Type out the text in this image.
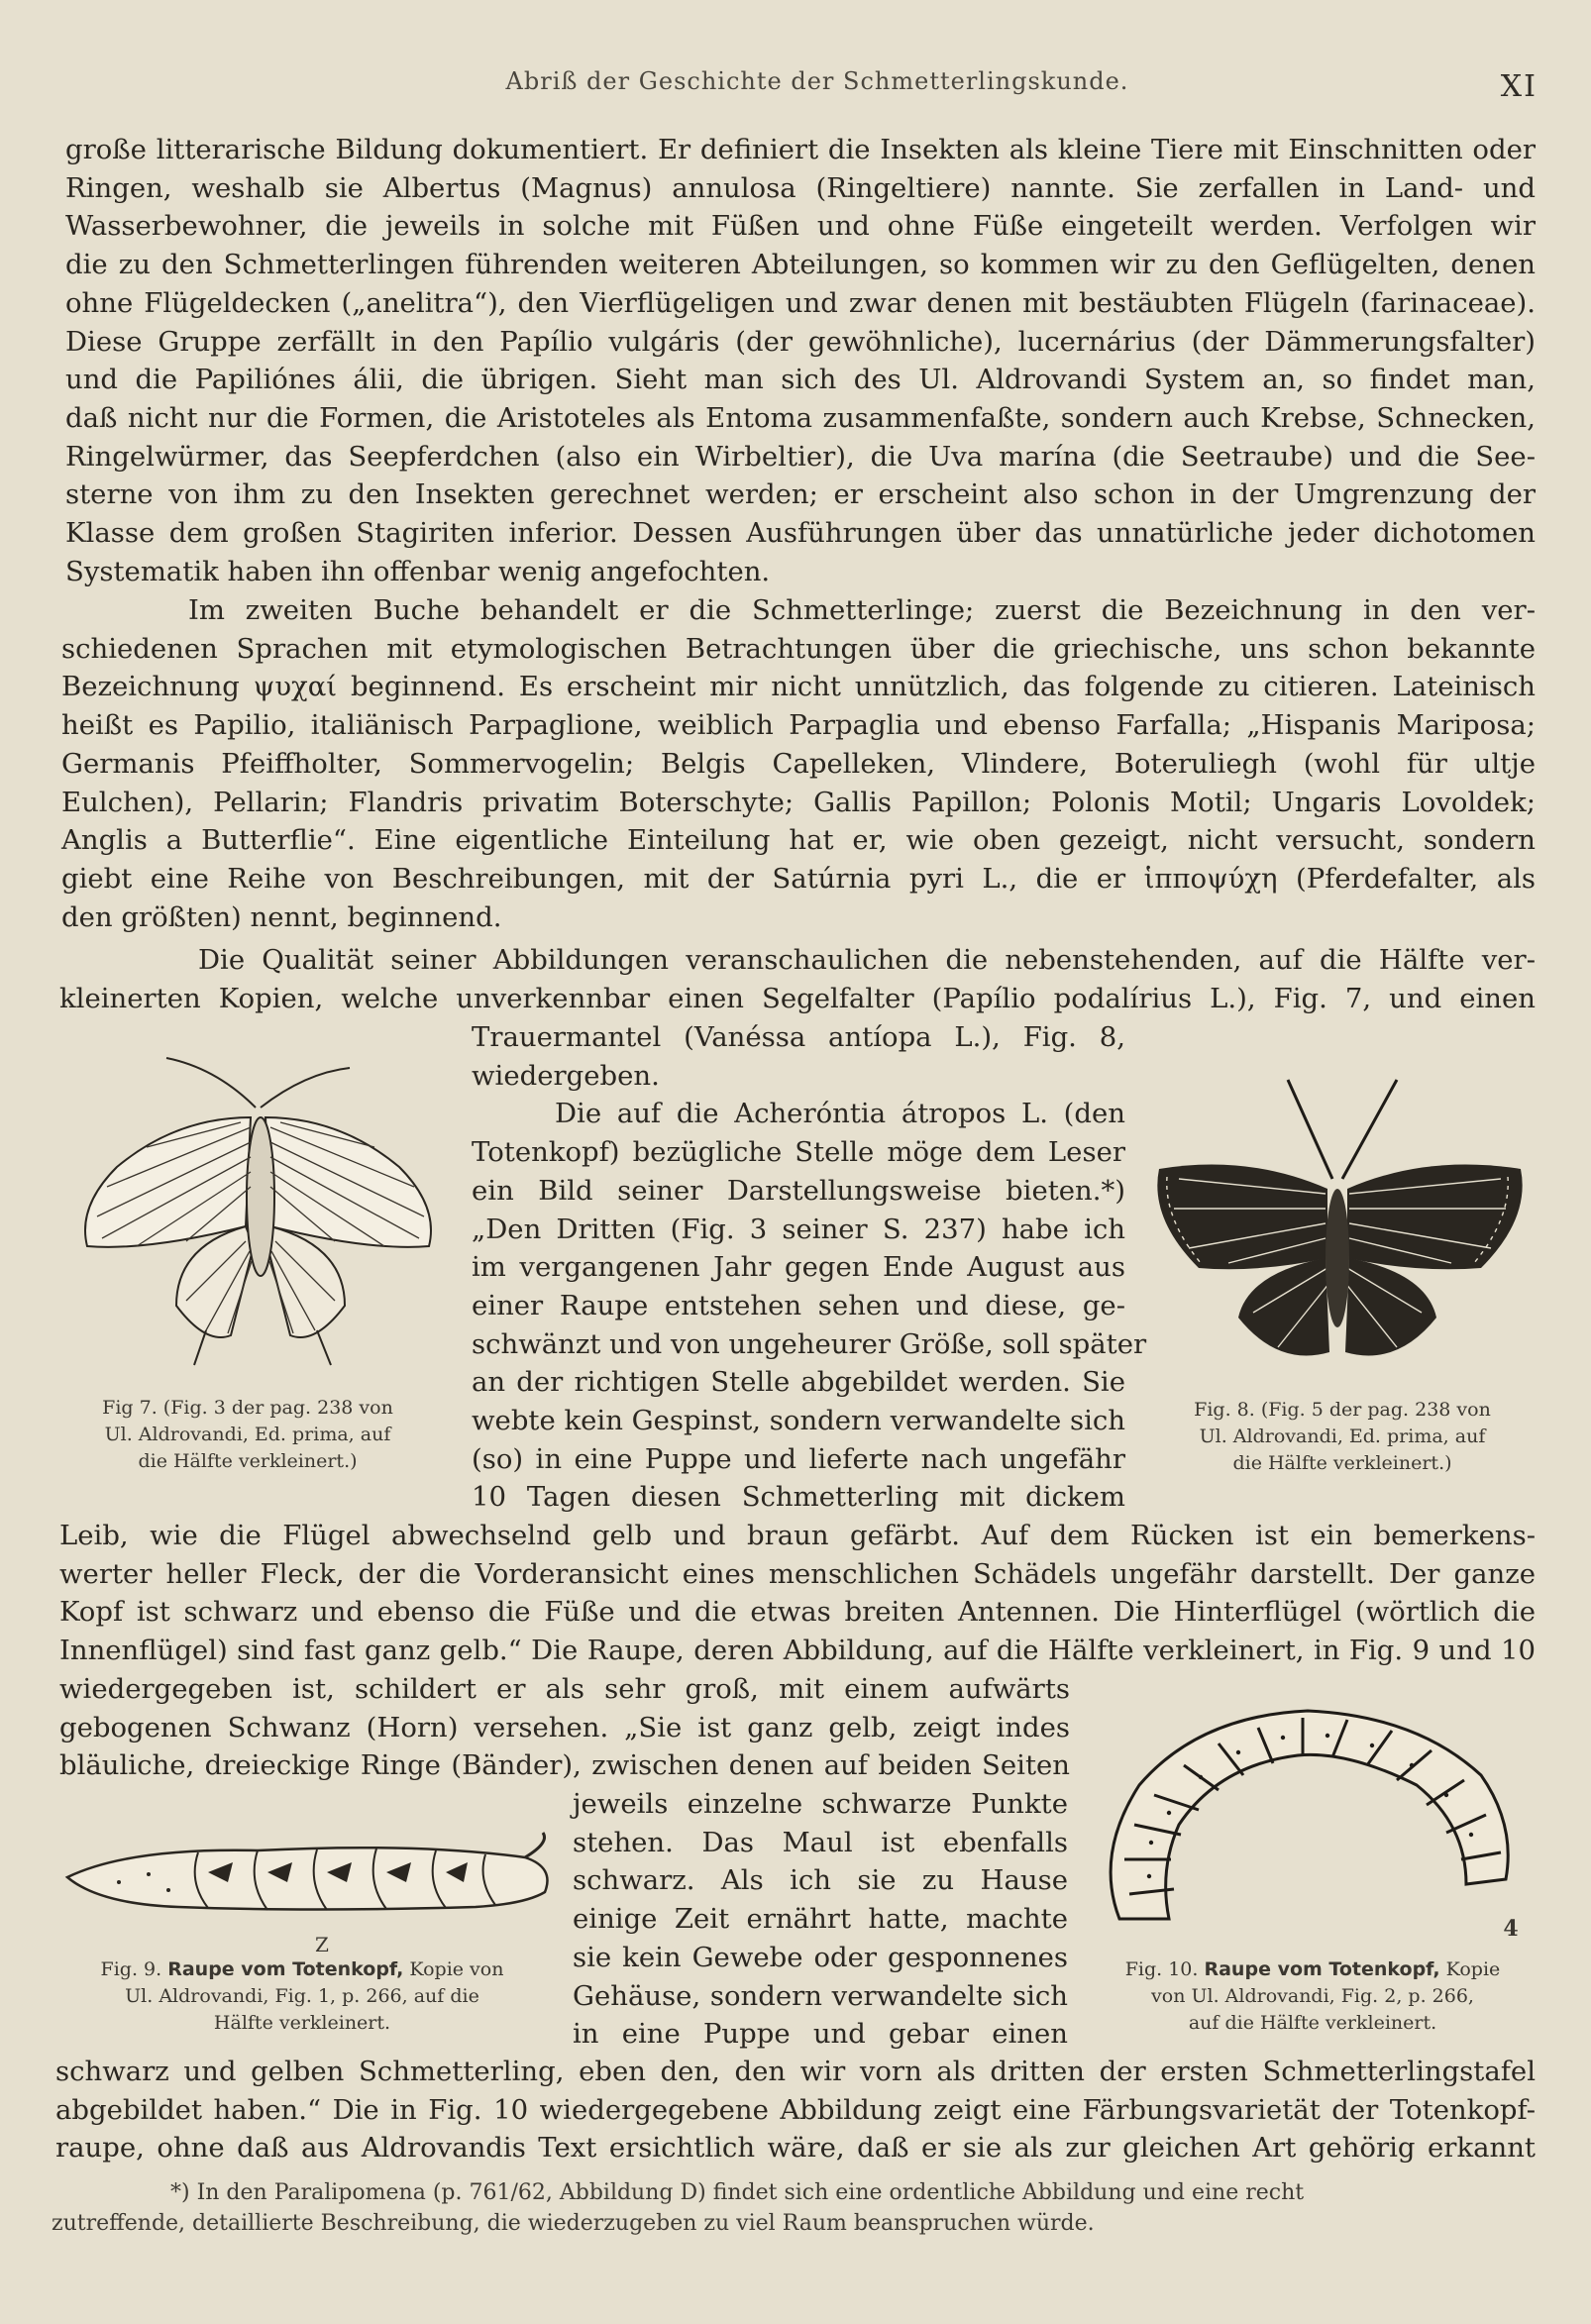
Abriß der Geschichte der Schmetterlingskunde.	XI
große litterarische Bildung dokumentiert. Er definiert die Insekten als kleine Tiere mit Einschnitten oder
Ringen, weshalb sie Albertus (Magnus) annulosa (Ringeltiere) nannte. Sie zerfallen in Land- und
Wasserbewohner, die jeweils in solche mit Füßen und ohne Füße eingeteilt werden. Verfolgen wir
die zu den Schmetterlingen führenden weiteren Abteilungen, so kommen wir zu den Geflügelten, denen
ohne Flügeldecken („anelitra“), den Vierflügeligen und zwar denen mit bestäubten Flügeln (farinaceae).
Diese Gruppe zerfällt in den Papílio vulgáris (der gewöhnliche), lucernárius (der Dämmerungsfalter)
und die Papiliónes álii, die übrigen. Sieht man sich des Ul. Aldrovandi System an, so findet man,
daß nicht nur die Formen, die Aristoteles als Entoma zusammenfaßte, sondern auch Krebse, Schnecken,
Ringelwürmer, das Seepferdchen (also ein Wirbeltier), die Uva marína (die Seetraube) und die See-
sterne von ihm zu den Insekten gerechnet werden; er erscheint also schon in der Umgrenzung der
Klasse dem großen Stagiriten inferior. Dessen Ausführungen über das unnatürliche jeder dichotomen
Systematik haben ihn offenbar wenig angefochten.
Im zweiten Buche behandelt er die Schmetterlinge; zuerst die Bezeichnung in den ver-
schiedenen Sprachen mit etymologischen Betrachtungen über die griechische, uns schon bekannte
Bezeichnung ψυχαί beginnend. Es erscheint mir nicht unnützlich, das folgende zu citieren. Lateinisch
heißt es Papilio, italiänisch Parpaglione, weiblich Parpaglia und ebenso Farfalla; „Hispanis Mariposa;
Germanis Pfeiffholter, Sommervogelin; Belgis Capelleken, Vlindere, Boteruliegh (wohl für ultje
Eulchen), Pellarin; Flandris privatim Boterschyte; Gallis Papillon; Polonis Motil; Ungaris Lovoldek;
Anglis a Butterflie“. Eine eigentliche Einteilung hat er, wie oben gezeigt, nicht versucht, sondern
giebt eine Reihe von Beschreibungen, mit der Satúrnia pyri L., die er ἱπποψύχη (Pferdefalter, als
den größten) nennt, beginnend.
Die Qualität seiner Abbildungen veranschaulichen die nebenstehenden, auf die Hälfte ver-
kleinerten Kopien, welche unverkennbar einen Segelfalter (Papílio podalírius L.), Fig. 7, und einen
Trauermantel (Vanéssa antíopa L.), Fig. 8,
wiedergeben.
Die auf die Acheróntia átropos L. (den
Totenkopf) bezügliche Stelle möge dem Leser
ein Bild seiner Darstellungsweise bieten.*)
„Den Dritten (Fig. 3 seiner S. 237) habe ich
im vergangenen Jahr gegen Ende August aus
einer Raupe entstehen sehen und diese, ge-
schwänzt und von ungeheurer Größe, soll später
an der richtigen Stelle abgebildet werden. Sie
webte kein Gespinst, sondern verwandelte sich
(so) in eine Puppe und lieferte nach ungefähr
10 Tagen diesen Schmetterling mit dickem
Fig 7. (Fig. 3 der pag. 238 von
Ul. Aldrovandi, Ed. prima, auf
die Hälfte verkleinert.)
Fig. 8. (Fig. 5 der pag. 238 von
Ul. Aldrovandi, Ed. prima, auf
die Hälfte verkleinert.)
Leib, wie die Flügel abwechselnd gelb und braun gefärbt. Auf dem Rücken ist ein bemerkens-
werter heller Fleck, der die Vorderansicht eines menschlichen Schädels ungefähr darstellt. Der ganze
Kopf ist schwarz und ebenso die Füße und die etwas breiten Antennen. Die Hinterflügel (wörtlich die
Innenflügel) sind fast ganz gelb.“ Die Raupe, deren Abbildung, auf die Hälfte verkleinert, in Fig. 9 und 10
wiedergegeben ist, schildert er als sehr groß, mit einem aufwärts
gebogenen Schwanz (Horn) versehen. „Sie ist ganz gelb, zeigt indes
bläuliche, dreieckige Ringe (Bänder), zwischen denen auf beiden Seiten
jeweils einzelne schwarze Punkte
stehen. Das Maul ist ebenfalls
schwarz. Als ich sie zu Hause
einige Zeit ernährt hatte, machte
sie kein Gewebe oder gesponnenes
Gehäuse, sondern verwandelte sich
in eine Puppe und gebar einen
Z
Fig. 9. Raupe vom Totenkopf, Kopie von
Ul. Aldrovandi, Fig. 1, p. 266, auf die
Hälfte verkleinert.
4
Fig. 10. Raupe vom Totenkopf, Kopie
von Ul. Aldrovandi, Fig. 2, p. 266,
auf die Hälfte verkleinert.
schwarz und gelben Schmetterling, eben den, den wir vorn als dritten der ersten Schmetterlingstafel
abgebildet haben.“ Die in Fig. 10 wiedergegebene Abbildung zeigt eine Färbungsvarietät der Totenkopf-
raupe, ohne daß aus Aldrovandis Text ersichtlich wäre, daß er sie als zur gleichen Art gehörig erkannt
*) In den Paralipomena (p. 761/62, Abbildung D) findet sich eine ordentliche Abbildung und eine recht
zutreffende, detaillierte Beschreibung, die wiederzugeben zu viel Raum beanspruchen würde.
